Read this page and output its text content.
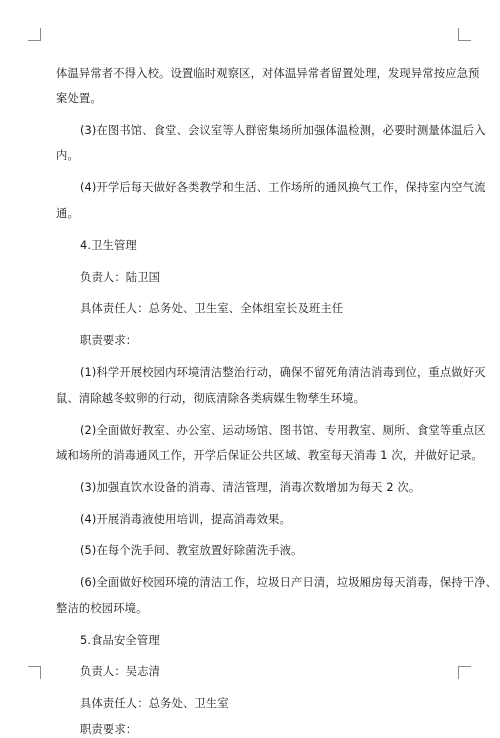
体温异常者不得入校。设置临时观察区，对体温异常者留置处理，发现异常按应急预
案处置。
(3)在图书馆、食堂、会议室等人群密集场所加强体温检测，必要时测量体温后入
内。
(4)开学后每天做好各类教学和生活、工作场所的通风换气工作，保持室内空气流
通。
4.卫生管理
负责人：陆卫国
具体责任人：总务处、卫生室、全体组室长及班主任
职责要求：
(1)科学开展校园内环境清洁整治行动，确保不留死角清洁消毒到位，重点做好灭
鼠、清除越冬蚊卵的行动，彻底清除各类病媒生物孳生环境。
(2)全面做好教室、办公室、运动场馆、图书馆、专用教室、厕所、食堂等重点区
域和场所的消毒通风工作，开学后保证公共区域、教室每天消毒 1 次，并做好记录。
(3)加强直饮水设备的消毒、清洁管理，消毒次数增加为每天 2 次。
(4)开展消毒液使用培训，提高消毒效果。
(5)在每个洗手间、教室放置好除菌洗手液。
(6)全面做好校园环境的清洁工作，垃圾日产日清，垃圾厢房每天消毒，保持干净、
整洁的校园环境。
5.食品安全管理
负责人：吴志清
具体责任人：总务处、卫生室
职责要求：
